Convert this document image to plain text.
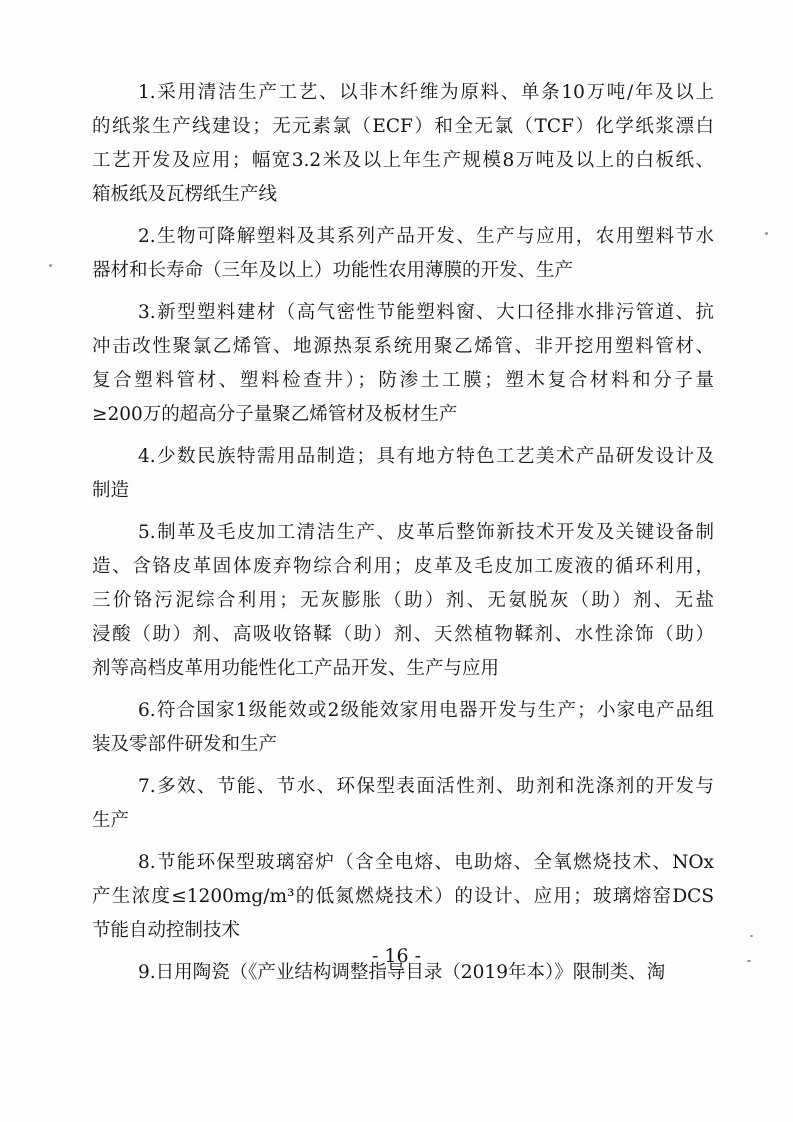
1.采用清洁生产工艺、以非木纤维为原料、单条10万吨/年及以上
的纸浆生产线建设；无元素氯（ECF）和全无氯（TCF）化学纸浆漂白
工艺开发及应用；幅宽3.2米及以上年生产规模8万吨及以上的白板纸、
箱板纸及瓦楞纸生产线
2.生物可降解塑料及其系列产品开发、生产与应用，农用塑料节水
器材和长寿命（三年及以上）功能性农用薄膜的开发、生产
3.新型塑料建材（高气密性节能塑料窗、大口径排水排污管道、抗
冲击改性聚氯乙烯管、地源热泵系统用聚乙烯管、非开挖用塑料管材、
复合塑料管材、塑料检查井）；防渗土工膜；塑木复合材料和分子量
≥200万的超高分子量聚乙烯管材及板材生产
4.少数民族特需用品制造；具有地方特色工艺美术产品研发设计及
制造
5.制革及毛皮加工清洁生产、皮革后整饰新技术开发及关键设备制
造、含铬皮革固体废弃物综合利用；皮革及毛皮加工废液的循环利用，
三价铬污泥综合利用；无灰膨胀（助）剂、无氨脱灰（助）剂、无盐
浸酸（助）剂、高吸收铬鞣（助）剂、天然植物鞣剂、水性涂饰（助）
剂等高档皮革用功能性化工产品开发、生产与应用
6.符合国家1级能效或2级能效家用电器开发与生产；小家电产品组
装及零部件研发和生产
7.多效、节能、节水、环保型表面活性剂、助剂和洗涤剂的开发与
生产
8.节能环保型玻璃窑炉（含全电熔、电助熔、全氧燃烧技术、NOx
产生浓度≤1200mg/m³的低氮燃烧技术）的设计、应用；玻璃熔窑DCS
节能自动控制技术
9.日用陶瓷（《产业结构调整指导目录（2019年本）》限制类、淘
- 16 -
